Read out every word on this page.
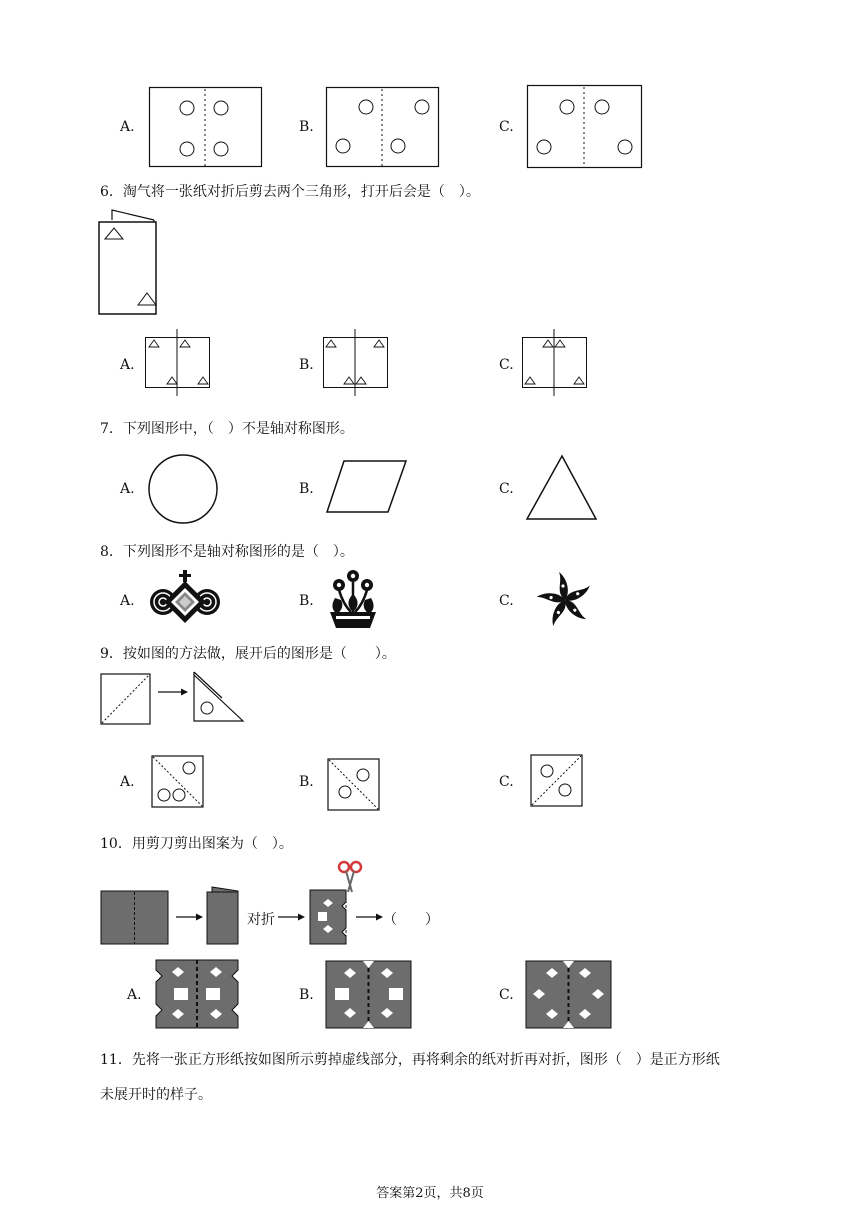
A.	B.	C.
6．淘气将一张纸对折后剪去两个三角形，打开后会是（　）。
A.	B.	C.
7．下列图形中，（　）不是轴对称图形。
A.	B.	C.
8．下列图形不是轴对称图形的是（　）。
A.	B.	C.
9．按如图的方法做，展开后的图形是（　　）。
A.	B.	C.
10．用剪刀剪出图案为（　）。
对折	（　　）
A.	B.	C.
11．先将一张正方形纸按如图所示剪掉虚线部分，再将剩余的纸对折再对折，图形（　）是正方形纸
未展开时的样子。
答案第2页，共8页
